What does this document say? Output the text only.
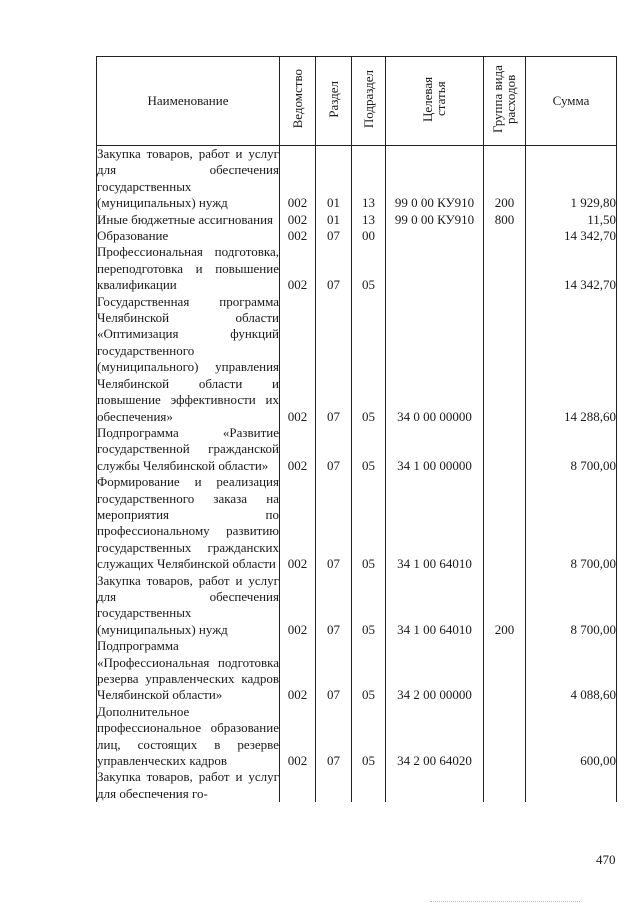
Наименование	Ведомство	Раздел	Подраздел	Целевая статья	Группа вида расходов	Сумма
Закупка товаров, работ и услуг для обеспечения государственных (муниципальных) нужд	002	01	13	99 0 00 КУ910	200	1 929,80
Иные бюджетные ассигнования	002	01	13	99 0 00 КУ910	800	11,50
Образование	002	07	00			14 342,70
Профессиональная подготовка, переподготовка и повышение квалификации	002	07	05			14 342,70
Государственная программа Челябинской области «Оптимизация функций государственного (муниципального) управления Челябинской области и повышение эффективности их обеспечения»	002	07	05	34 0 00 00000		14 288,60
Подпрограмма «Развитие государственной гражданской службы Челябинской области»	002	07	05	34 1 00 00000		8 700,00
Формирование и реализация государственного заказа на мероприятия по профессиональному развитию государственных гражданских служащих Челябинской области	002	07	05	34 1 00 64010		8 700,00
Закупка товаров, работ и услуг для обеспечения государственных (муниципальных) нужд	002	07	05	34 1 00 64010	200	8 700,00
Подпрограмма «Профессиональная подготовка резерва управленческих кадров Челябинской области»	002	07	05	34 2 00 00000		4 088,60
Дополнительное профессиональное образование лиц, состоящих в резерве управленческих кадров	002	07	05	34 2 00 64020		600,00
Закупка товаров, работ и услуг для обеспечения го-						
470
